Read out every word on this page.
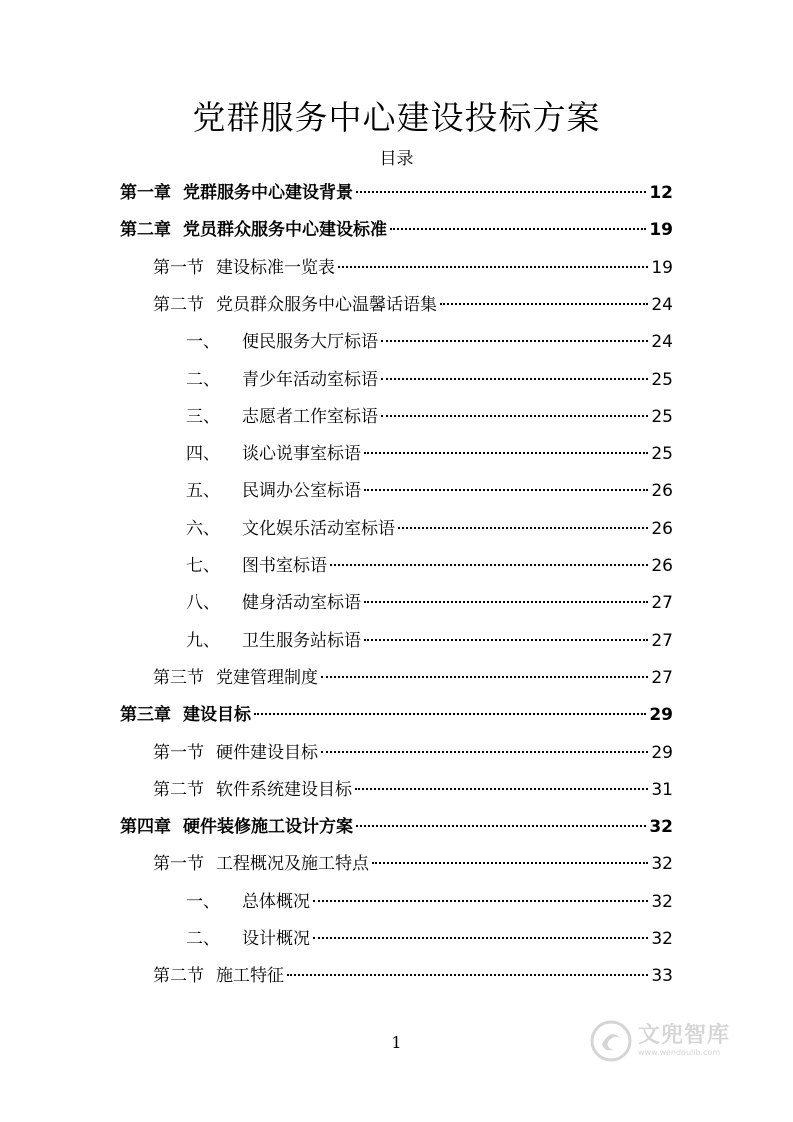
党群服务中心建设投标方案
目录
第一章 党群服务中心建设背景	12
第二章 党员群众服务中心建设标准	19
第一节 建设标准一览表	19
第二节 党员群众服务中心温馨话语集	24
一、 便民服务大厅标语	24
二、 青少年活动室标语	25
三、 志愿者工作室标语	25
四、 谈心说事室标语	25
五、 民调办公室标语	26
六、 文化娱乐活动室标语	26
七、 图书室标语	26
八、 健身活动室标语	27
九、 卫生服务站标语	27
第三节 党建管理制度	27
第三章 建设目标	29
第一节 硬件建设目标	29
第二节 软件系统建设目标	31
第四章 硬件装修施工设计方案	32
第一节 工程概况及施工特点	32
一、 总体概况	32
二、 设计概况	32
第二节 施工特征	33
1	文兜智库
www.wendoulib.com
